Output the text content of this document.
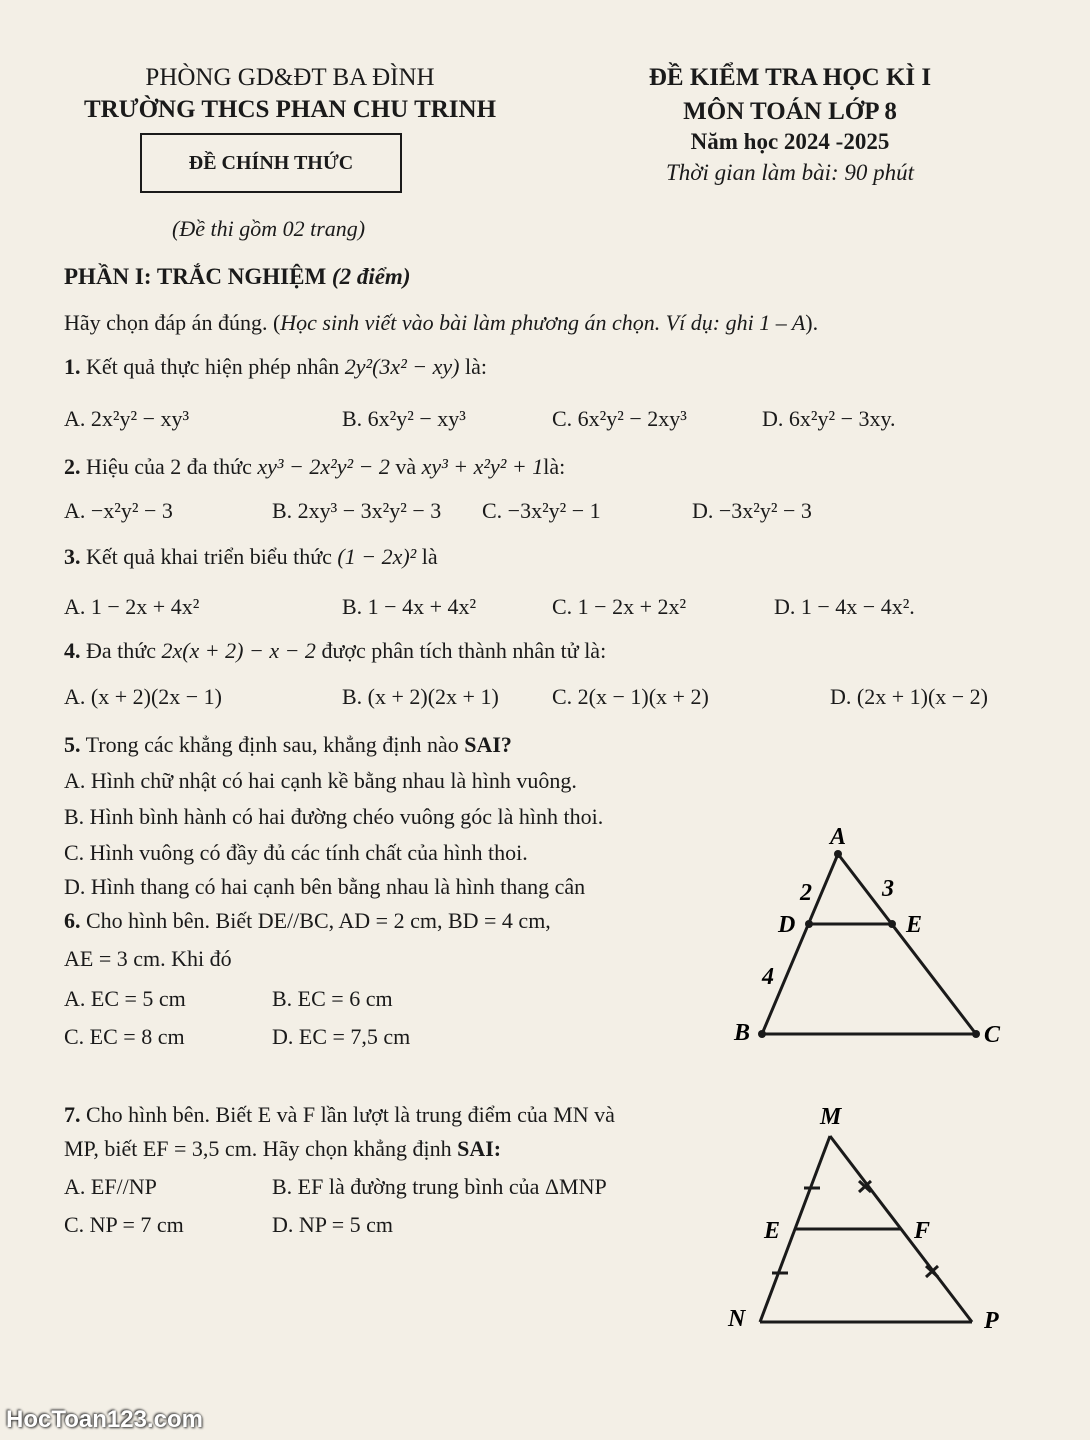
PHÒNG GD&ĐT BA ĐÌNH
TRƯỜNG THCS PHAN CHU TRINH
ĐỀ CHÍNH THỨC
(Đề thi gồm 02 trang)
ĐỀ KIỂM TRA HỌC KÌ I
MÔN TOÁN LỚP 8
Năm học 2024 -2025
Thời gian làm bài: 90 phút
PHẦN I: TRẮC NGHIỆM (2 điểm)
Hãy chọn đáp án đúng. (Học sinh viết vào bài làm phương án chọn. Ví dụ: ghi 1 – A).
1. Kết quả thực hiện phép nhân 2y²(3x² − xy) là:
A. 2x²y² − xy³	B. 6x²y² − xy³	C. 6x²y² − 2xy³	D. 6x²y² − 3xy.
2. Hiệu của 2 đa thức xy³ − 2x²y² − 2 và xy³ + x²y² + 1là:
A. −x²y² − 3	B. 2xy³ − 3x²y² − 3 C. −3x²y² − 1	D. −3x²y² − 3
3. Kết quả khai triển biểu thức (1 − 2x)² là
A. 1 − 2x + 4x²	B. 1 − 4x + 4x²	C. 1 − 2x + 2x²	D. 1 − 4x − 4x².
4. Đa thức 2x(x + 2) − x − 2 được phân tích thành nhân tử là:
A. (x + 2)(2x − 1)	B. (x + 2)(2x + 1) C. 2(x − 1)(x + 2)	D. (2x + 1)(x − 2)
5. Trong các khẳng định sau, khẳng định nào SAI?
A. Hình chữ nhật có hai cạnh kề bằng nhau là hình vuông.
B. Hình bình hành có hai đường chéo vuông góc là hình thoi.
C. Hình vuông có đầy đủ các tính chất của hình thoi.
D. Hình thang có hai cạnh bên bằng nhau là hình thang cân
6. Cho hình bên. Biết DE//BC, AD = 2 cm, BD = 4 cm,
AE = 3 cm. Khi đó
A. EC = 5 cm	B. EC = 6 cm
C. EC = 8 cm	D. EC = 7,5 cm
A
B	C
D	E
2	3
4
7. Cho hình bên. Biết E và F lần lượt là trung điểm của MN và
MP, biết EF = 3,5 cm. Hãy chọn khẳng định SAI:
A. EF//NP	B. EF là đường trung bình của ΔMNP
C. NP = 7 cm	D. NP = 5 cm
M
N	P
E	F
HocToan123.com
